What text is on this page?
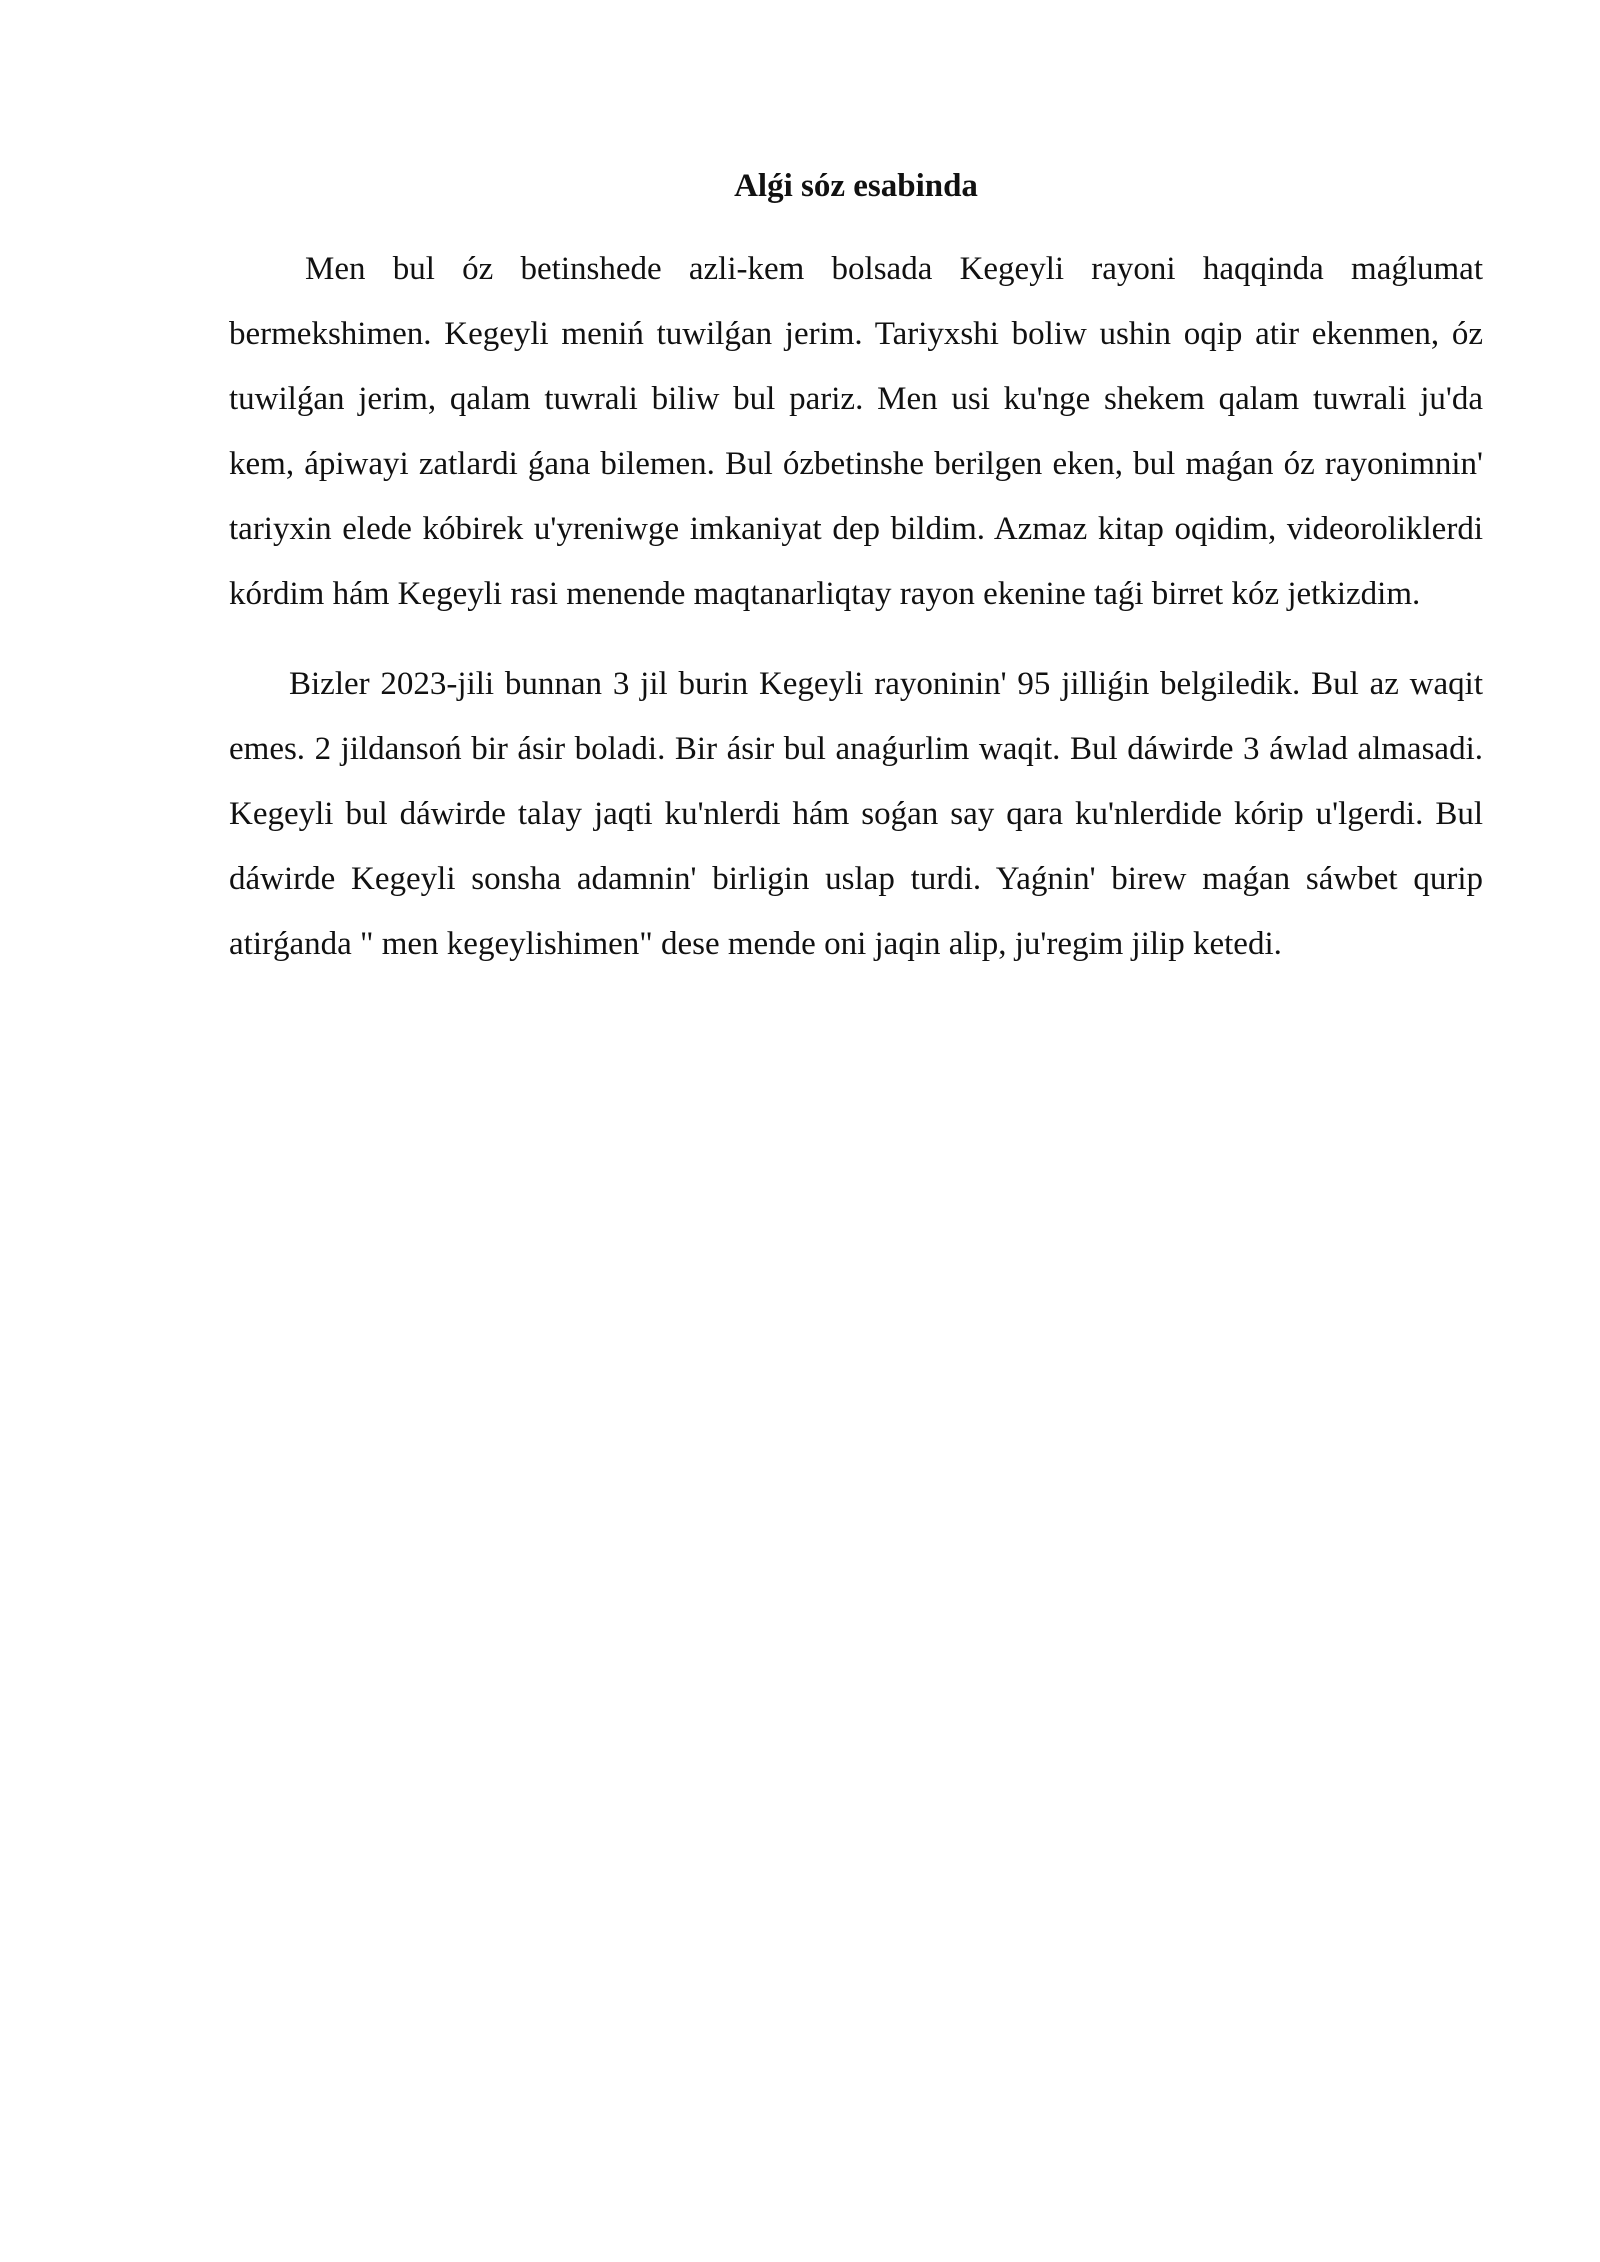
Alǵi sóz esabinda

Men bul óz betinshede azli-kem bolsada Kegeyli rayoni haqqinda maǵlumat bermekshimen. Kegeyli meniń tuwilǵan jerim. Tariyxshi boliw ushin oqip atir ekenmen, óz tuwilǵan jerim, qalam tuwrali biliw bul pariz. Men usi ku'nge shekem qalam tuwrali ju'da kem, ápiwayi zatlardi ǵana bilemen. Bul ózbetinshe berilgen eken, bul maǵan óz rayonimnin' tariyxin elede kóbirek u'yreniwge imkaniyat dep bildim. Azmaz kitap oqidim, videoroliklerdi kórdim hám Kegeyli rasi menende maqtanarliqtay rayon ekenine taǵi birret kóz jetkizdim.

Bizler 2023-jili bunnan 3 jil burin Kegeyli rayoninin' 95 jilliǵin belgiledik. Bul az waqit emes. 2 jildansoń bir ásir boladi. Bir ásir bul anaǵurlim waqit. Bul dáwirde 3 áwlad almasadi. Kegeyli bul dáwirde talay jaqti ku'nlerdi hám soǵan say qara ku'nlerdide kórip u'lgerdi. Bul dáwirde Kegeyli sonsha adamnin' birligin uslap turdi. Yaǵnin' birew maǵan sáwbet qurip atirǵanda " men kegeylishimen" dese mende oni jaqin alip, ju'regim jilip ketedi.
